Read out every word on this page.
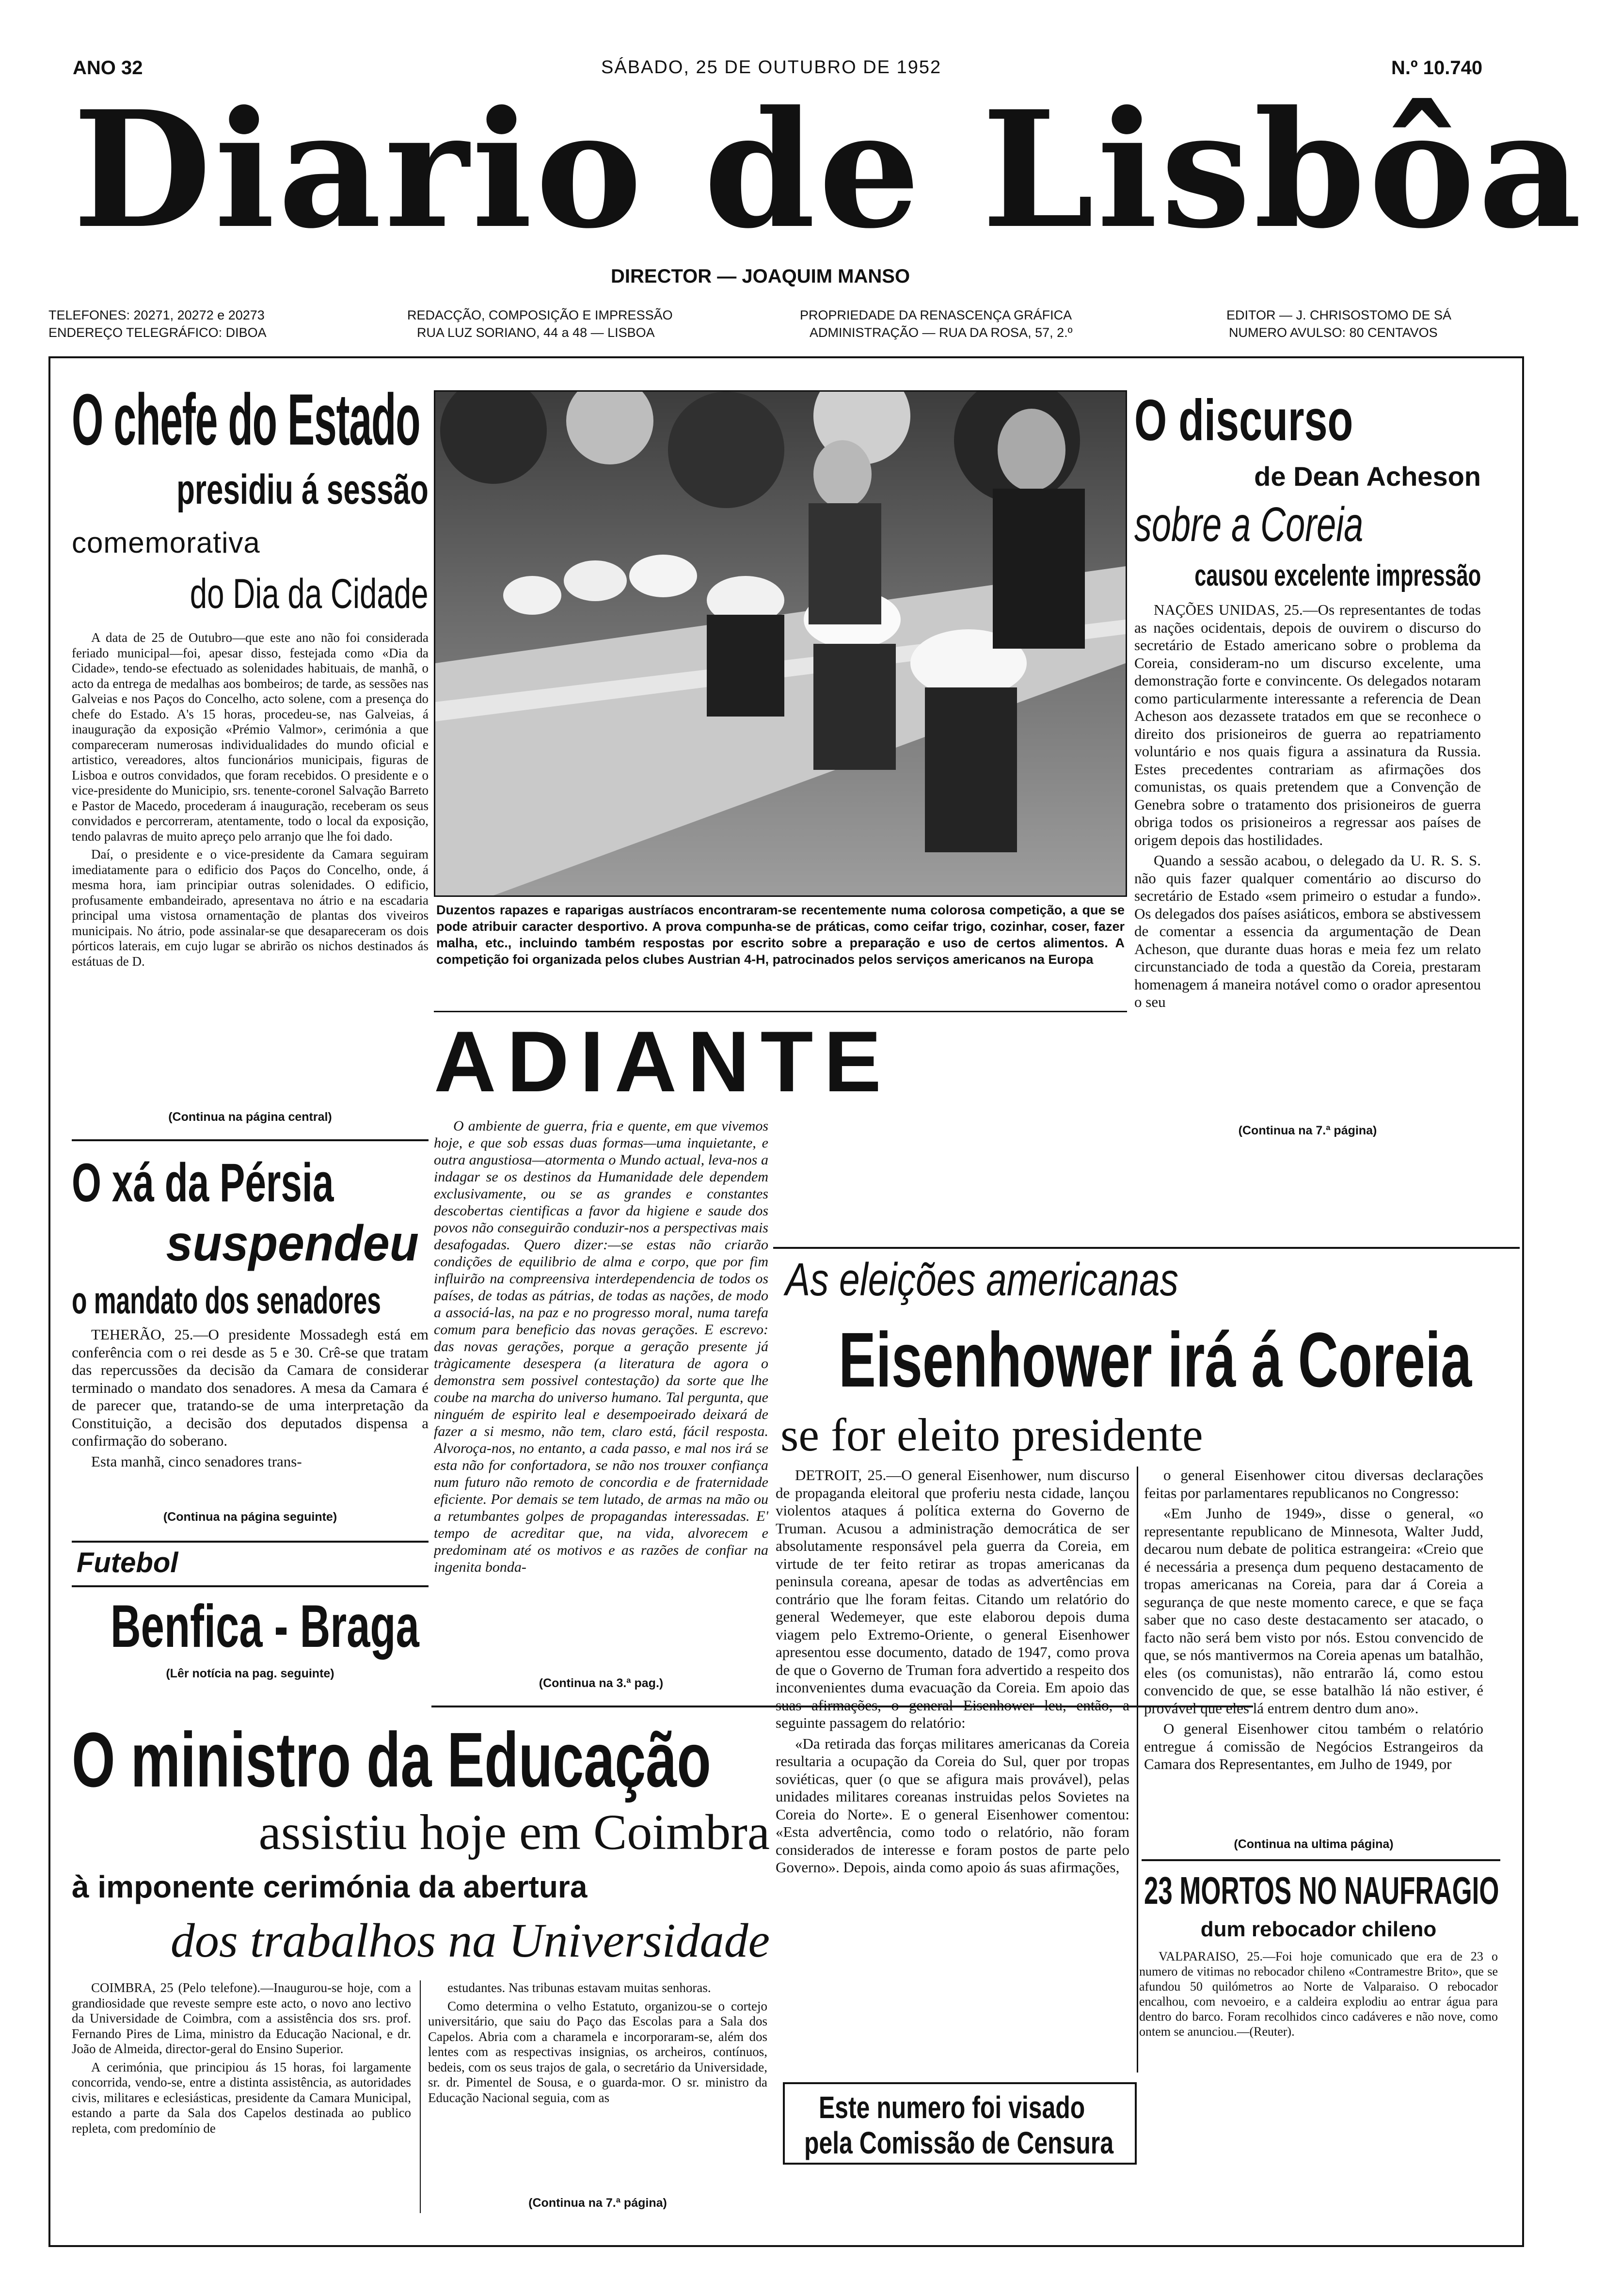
ANO 32	SÁBADO, 25 DE OUTUBRO DE 1952	N.º 10.740
Diario de Lisbôa
DIRECTOR — JOAQUIM MANSO
TELEFONES: 20271, 20272 e 20273
ENDEREÇO TELEGRÁFICO: DIBOA
REDACÇÃO, COMPOSIÇÃO E IMPRESSÃO
RUA LUZ SORIANO, 44 a 48 — LISBOA
PROPRIEDADE DA RENASCENÇA GRÁFICA
ADMINISTRAÇÃO — RUA DA ROSA, 57, 2.º
EDITOR — J. CHRISOSTOMO DE SÁ
NUMERO AVULSO: 80 CENTAVOS
O chefe do Estado
presidiu á sessão
comemorativa
do Dia da Cidade

A data de 25 de Outubro—que este ano não foi considerada feriado municipal—foi, apesar disso, festejada como «Dia da Cidade», tendo-se efectuado as solenidades habituais, de manhã, o acto da entrega de medalhas aos bombeiros; de tarde, as sessões nas Galveias e nos Paços do Concelho, acto solene, com a presença do chefe do Estado. A's 15 horas, procedeu-se, nas Galveias, á inauguração da exposição «Prémio Valmor», cerimónia a que compareceram numerosas individualidades do mundo oficial e artistico, vereadores, altos funcionários municipais, figuras de Lisboa e outros convidados, que foram recebidos. O presidente e o vice-presidente do Municipio, srs. tenente-coronel Salvação Barreto e Pastor de Macedo, procederam á inauguração, receberam os seus convidados e percorreram, atentamente, todo o local da exposição, tendo palavras de muito apreço pelo arranjo que lhe foi dado.

Daí, o presidente e o vice-presidente da Camara seguiram imediatamente para o edificio dos Paços do Concelho, onde, á mesma hora, iam principiar outras solenidades. O edificio, profusamente embandeirado, apresentava no átrio e na escadaria principal uma vistosa ornamentação de plantas dos viveiros municipais. No átrio, pode assinalar-se que desapareceram os dois pórticos laterais, em cujo lugar se abrirão os nichos destinados ás estátuas de D.

(Continua na página central)
O xá da Pérsia
suspendeu
o mandato dos senadores

TEHERÃO, 25.—O presidente Mossadegh está em conferência com o rei desde as 5 e 30. Crê-se que tratam das repercussões da decisão da Camara de considerar terminado o mandato dos senadores. A mesa da Camara é de parecer que, tratando-se de uma interpretação da Constituição, a decisão dos deputados dispensa a confirmação do soberano.

Esta manhã, cinco senadores trans-

(Continua na página seguinte)
Futebol
Benfica - Braga
(Lêr notícia na pag. seguinte)
Duzentos rapazes e raparigas austríacos encontraram-se recentemente numa colorosa competição, a que se pode atribuir caracter desportivo. A prova compunha-se de práticas, como ceifar trigo, cozinhar, coser, fazer malha, etc., incluindo também respostas por escrito sobre a preparação e uso de certos alimentos. A competição foi organizada pelos clubes Austrian 4-H, patrocinados pelos serviços americanos na Europa
ADIANTE
O ambiente de guerra, fria e quente, em que vivemos hoje, e que sob essas duas formas—uma inquietante, e outra angustiosa—atormenta o Mundo actual, leva-nos a indagar se os destinos da Humanidade dele dependem exclusivamente, ou se as grandes e constantes descobertas cientificas a favor da higiene e saude dos povos não conseguirão conduzir-nos a perspectivas mais desafogadas. Quero dizer:—se estas não criarão condições de equilibrio de alma e corpo, que por fim influirão na compreensiva interdependencia de todos os países, de todas as pátrias, de todas as nações, de modo a associá-las, na paz e no progresso moral, numa tarefa comum para beneficio das novas gerações. E escrevo: das novas gerações, porque a geração presente já tràgicamente desespera (a literatura de agora o demonstra sem possivel contestação) da sorte que lhe coube na marcha do universo humano. Tal pergunta, que ninguém de espirito leal e desempoeirado deixará de fazer a si mesmo, não tem, claro está, fácil resposta. Alvoroça-nos, no entanto, a cada passo, e mal nos irá se esta não for confortadora, se não nos trouxer confiança num futuro não remoto de concordia e de fraternidade eficiente. Por demais se tem lutado, de armas na mão ou a retumbantes golpes de propagandas interessadas. E' tempo de acreditar que, na vida, alvorecem e predominam até os motivos e as razões de confiar na ingenita bonda-
(Continua na 3.ª pag.)
O discurso
de Dean Acheson
sobre a Coreia
causou excelente impressão

NAÇÕES UNIDAS, 25.—Os representantes de todas as nações ocidentais, depois de ouvirem o discurso do secretário de Estado americano sobre o problema da Coreia, consideram-no um discurso excelente, uma demonstração forte e convincente. Os delegados notaram como particularmente interessante a referencia de Dean Acheson aos dezassete tratados em que se reconhece o direito dos prisioneiros de guerra ao repatriamento voluntário e nos quais figura a assinatura da Russia. Estes precedentes contrariam as afirmações dos comunistas, os quais pretendem que a Convenção de Genebra sobre o tratamento dos prisioneiros de guerra obriga todos os prisioneiros a regressar aos países de origem depois das hostilidades.

Quando a sessão acabou, o delegado da U. R. S. S. não quis fazer qualquer comentário ao discurso do secretário de Estado «sem primeiro o estudar a fundo». Os delegados dos países asiáticos, embora se abstivessem de comentar a essencia da argumentação de Dean Acheson, que durante duas horas e meia fez um relato circunstanciado de toda a questão da Coreia, prestaram homenagem á maneira notável como o orador apresentou o seu

(Continua na 7.ª página)
As eleições americanas
Eisenhower irá á Coreia
se for eleito presidente

DETROIT, 25.—O general Eisenhower, num discurso de propaganda eleitoral que proferiu nesta cidade, lançou violentos ataques á política externa do Governo de Truman. Acusou a administração democrática de ser absolutamente responsável pela guerra da Coreia, em virtude de ter feito retirar as tropas americanas da peninsula coreana, apesar de todas as advertências em contrário que lhe foram feitas. Citando um relatório do general Wedemeyer, que este elaborou depois duma viagem pelo Extremo-Oriente, o general Eisenhower apresentou esse documento, datado de 1947, como prova de que o Governo de Truman fora advertido a respeito dos inconvenientes duma evacuação da Coreia. Em apoio das suas afirmações, o general Eisenhower leu, então, a seguinte passagem do relatório:

«Da retirada das forças militares americanas da Coreia resultaria a ocupação da Coreia do Sul, quer por tropas soviéticas, quer (o que se afigura mais provável), pelas unidades militares coreanas instruidas pelos Sovietes na Coreia do Norte». E o general Eisenhower comentou: «Esta advertência, como todo o relatório, não foram considerados de interesse e foram postos de parte pelo Governo». Depois, ainda como apoio ás suas afirmações,

o general Eisenhower citou diversas declarações feitas por parlamentares republicanos no Congresso:

«Em Junho de 1949», disse o general, «o representante republicano de Minnesota, Walter Judd, decarou num debate de politica estrangeira: «Creio que é necessária a presença dum pequeno destacamento de tropas americanas na Coreia, para dar á Coreia a segurança de que neste momento carece, e que se faça saber que no caso deste destacamento ser atacado, o facto não será bem visto por nós. Estou convencido de que, se nós mantivermos na Coreia apenas um batalhão, eles (os comunistas), não entrarão lá, como estou convencido de que, se esse batalhão lá não estiver, é provável que eles lá entrem dentro dum ano».

O general Eisenhower citou também o relatório entregue á comissão de Negócios Estrangeiros da Camara dos Representantes, em Julho de 1949, por

(Continua na ultima página)
Este numero foi visado
pela Comissão de Censura
23 MORTOS NO NAUFRAGIO
dum rebocador chileno
VALPARAISO, 25.—Foi hoje comunicado que era de 23 o numero de vitimas no rebocador chileno «Contramestre Brito», que se afundou 50 quilómetros ao Norte de Valparaiso. O rebocador encalhou, com nevoeiro, e a caldeira explodiu ao entrar água para dentro do barco. Foram recolhidos cinco cadáveres e não nove, como ontem se anunciou.—(Reuter).
O ministro da Educação
assistiu hoje em Coimbra
à imponente cerimónia da abertura
dos trabalhos na Universidade

COIMBRA, 25 (Pelo telefone).—Inaugurou-se hoje, com a grandiosidade que reveste sempre este acto, o novo ano lectivo da Universidade de Coimbra, com a assistência dos srs. prof. Fernando Pires de Lima, ministro da Educação Nacional, e dr. João de Almeida, director-geral do Ensino Superior.

A cerimónia, que principiou ás 15 horas, foi largamente concorrida, vendo-se, entre a distinta assistência, as autoridades civis, militares e eclesiásticas, presidente da Camara Municipal, estando a parte da Sala dos Capelos destinada ao publico repleta, com predomínio de

estudantes. Nas tribunas estavam muitas senhoras.

Como determina o velho Estatuto, organizou-se o cortejo universitário, que saiu do Paço das Escolas para a Sala dos Capelos. Abria com a charamela e incorporaram-se, além dos lentes com as respectivas insignias, os archeiros, contínuos, bedeis, com os seus trajos de gala, o secretário da Universidade, sr. dr. Pimentel de Sousa, e o guarda-mor. O sr. ministro da Educação Nacional seguia, com as

(Continua na 7.ª página)
